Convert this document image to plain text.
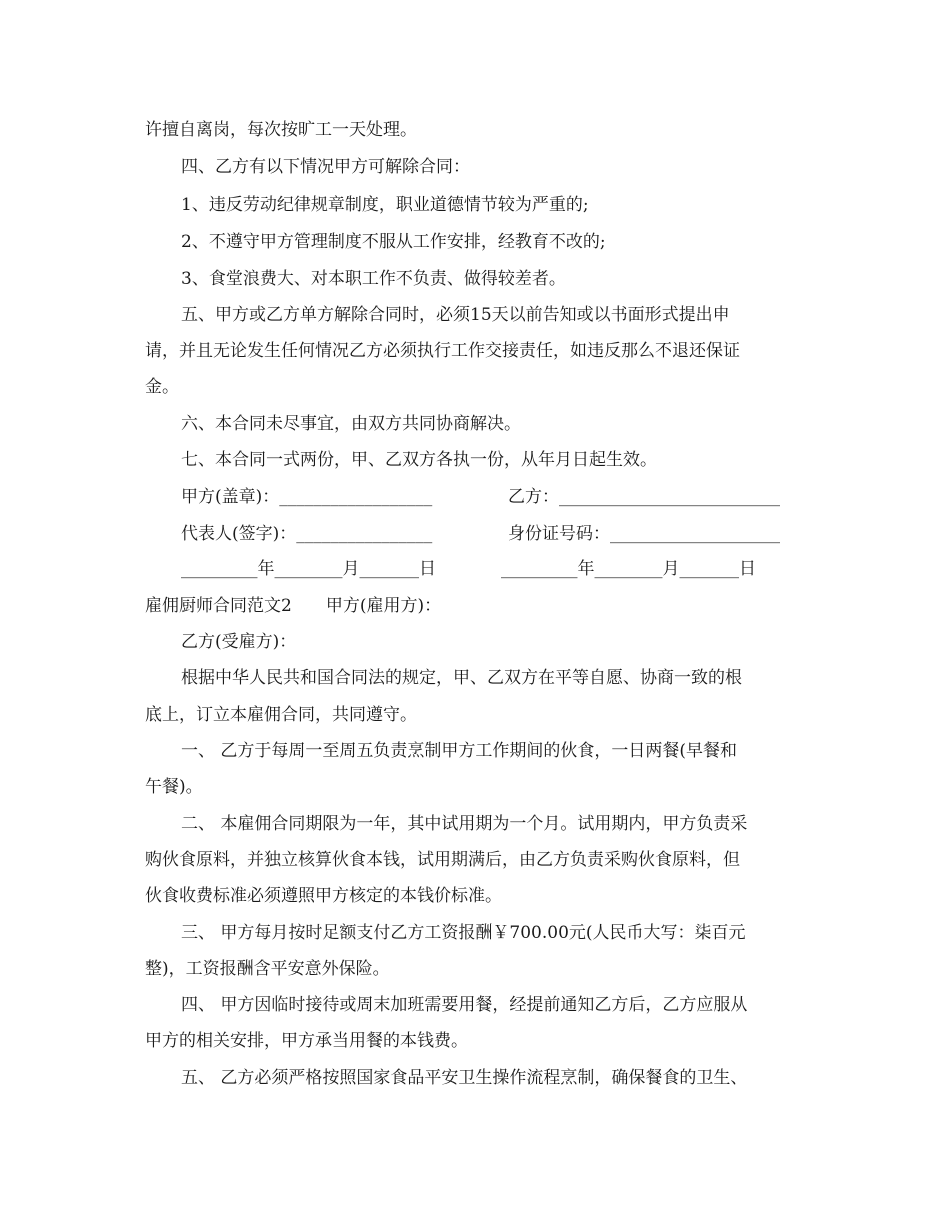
许擅自离岗，每次按旷工一天处理。
四、乙方有以下情况甲方可解除合同：
1、违反劳动纪律规章制度，职业道德情节较为严重的;
2、不遵守甲方管理制度不服从工作安排，经教育不改的;
3、食堂浪费大、对本职工作不负责、做得较差者。
五、甲方或乙方单方解除合同时，必须15天以前告知或以书面形式提出申
请，并且无论发生任何情况乙方必须执行工作交接责任，如违反那么不退还保证
金。
六、本合同未尽事宜，由双方共同协商解决。
七、本合同一式两份，甲、乙双方各执一份，从年月日起生效。
甲方(盖章)：__________________	乙方：__________________________
代表人(签字)：________________	身份证号码：____________________
_________年________月_______日	_________年________月_______日
雇佣厨师合同范文2　　甲方(雇用方)：
乙方(受雇方)：
根据中华人民共和国合同法的规定，甲、乙双方在平等自愿、协商一致的根
底上，订立本雇佣合同，共同遵守。
一、 乙方于每周一至周五负责烹制甲方工作期间的伙食，一日两餐(早餐和
午餐)。
二、 本雇佣合同期限为一年，其中试用期为一个月。试用期内，甲方负责采
购伙食原料，并独立核算伙食本钱，试用期满后，由乙方负责采购伙食原料，但
伙食收费标准必须遵照甲方核定的本钱价标准。
三、 甲方每月按时足额支付乙方工资报酬￥700.00元(人民币大写：柒百元
整)，工资报酬含平安意外保险。
四、 甲方因临时接待或周末加班需要用餐，经提前通知乙方后，乙方应服从
甲方的相关安排，甲方承当用餐的本钱费。
五、 乙方必须严格按照国家食品平安卫生操作流程烹制，确保餐食的卫生、
